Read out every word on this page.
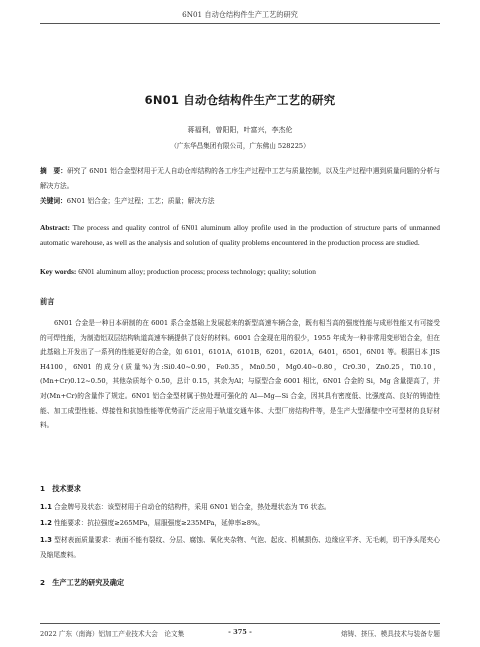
6N01 自动仓结构件生产工艺的研究
6N01 自动仓结构件生产工艺的研究
蒋福利，曾阳阳，叶富兴，李杰伦
（广东华昌集团有限公司，广东佛山 528225）
摘　要：研究了 6N01 铝合金型材用于无人自动仓库结构的各工序生产过程中工艺与质量控制，以及生产过程中遇到质量问题的分析与解决方法。
关键词：6N01 铝合金；生产过程；工艺；质量；解决方法
Abstract: The process and quality control of 6N01 aluminum alloy profile used in the production of structure parts of unmanned automatic warehouse, as well as the analysis and solution of quality problems encountered in the production process are studied.
Key words: 6N01 aluminum alloy; production process; process technology; quality; solution
前言
6N01 合金是一种日本研制的在 6001 系合金基础上发展起来的新型高速车辆合金，既有相当高的强度性能与成形性能又有可接受的可焊性能，为制造铝双层结构轨道高速车辆提供了良好的材料。6001 合金现在用的很少，1955 年成为一种非常用变形铝合金，但在此基础上开发出了一系列的性能更好的合金，如 6101，6101A，6101B，6201，6201A，6401，6501，6N01 等。根据日本 JIS H4100，6N01 的成分(质量%)为:Si0.40~0.90，Fe0.35，Mn0.50，Mg0.40~0.80，Cr0.30，Zn0.25，Ti0.10，(Mn+Cr)0.12~0.50，其他杂质每个 0.50，总计 0.15，其余为Al；与原型合金 6001 相比，6N01 合金的 Si，Mg 含量提高了，并对(Mn+Cr)的含量作了规定。6N01 铝合金型材属于热处理可强化的 Al—Mg—Si 合金，因其具有密度低、比强度高、良好的铸造性能、加工成型性能、焊接性和抗蚀性能等优势而广泛应用于轨道交通车体、大型厂房结构件等，是生产大型薄壁中空可型材的良好材料。
1　技术要求
1.1 合金牌号及状态：该型材用于自动仓的结构件，采用 6N01 铝合金，热处理状态为 T6 状态。
1.2 性能要求：抗拉强度≥265MPa，屈服强度≥235MPa，延伸率≥8%。
1.3 型材表面质量要求：表面不能有裂纹、分层、腐蚀、氧化夹杂物、气泡、起皮、机械损伤、边缘应平齐、无毛刺，切干净头尾夹心及缩尾废料。
2　生产工艺的研究及确定
2022 广东（南海）铝加工产业技术大会　论文集	- 375 -	熔铸、挤压、模具技术与装备专题
